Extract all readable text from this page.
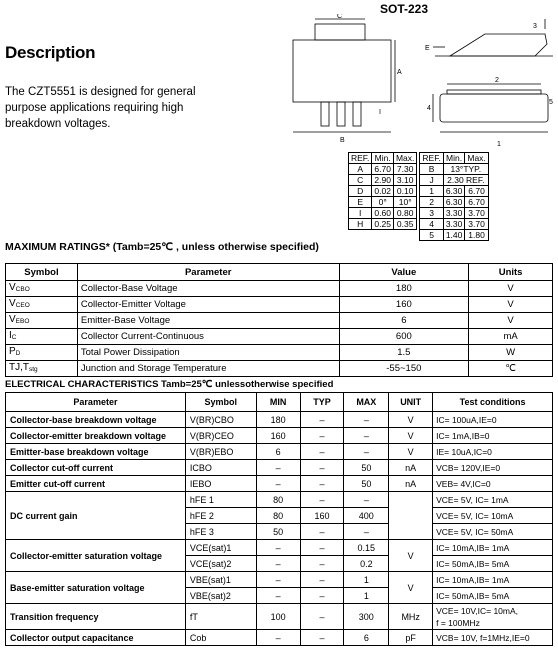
SOT-223
Description
The CZT5551 is designed for general purpose applications requiring high breakdown voltages.
C
A
B
I
3
E
1
2
4
5
REF.	Min.	Max.		REF.	Min.	Max.
A	6.70	7.30		B	13°TYP.	
C	2.90	3.10		J	2.30 REF.	
D	0.02	0.10		1	6.30	6.70
E	0°	10°		2	6.30	6.70
I	0.60	0.80		3	3.30	3.70
H	0.25	0.35		4	3.30	3.70
				5	1.40	1.80
MAXIMUM RATINGS* (Tamb=25℃ , unless otherwise specified)
Symbol	Parameter	Value	Units
VCBO	Collector-Base Voltage	180	V
VCEO	Collector-Emitter Voltage	160	V
VEBO	Emitter-Base Voltage	6	V
IC	Collector Current-Continuous	600	mA
PD	Total Power Dissipation	1.5	W
TJ,Tstg	Junction and Storage Temperature	-55~150	℃
ELECTRICAL CHARACTERISTICS Tamb=25℃ unlessotherwise specified
Parameter	Symbol	MIN	TYP	MAX	UNIT	Test conditions
Collector-base breakdown voltage	V(BR)CBO	180	–	–	V	IC= 100uA,IE=0

Collector-emitter breakdown voltage	V(BR)CEO	160	–	–	V	IC= 1mA,IB=0

Emitter-base breakdown voltage	V(BR)EBO	6	–	–	V	IE= 10uA,IC=0

Collector cut-off current	ICBO	–	–	50	nA	VCB= 120V,IE=0

Emitter cut-off current	IEBO	–	–	50	nA	VEB= 4V,IC=0

DC current gain	hFE 1	80	–	–		VCE= 5V, IC= 1mA

	hFE 2	80	160	400		VCE= 5V, IC= 10mA

	hFE 3	50	–	–		VCE= 5V, IC= 50mA

Collector-emitter saturation voltage	VCE(sat)1	–	–	0.15	V	IC= 10mA,IB= 1mA

	VCE(sat)2	–	–	0.2		IC= 50mA,IB= 5mA

Base-emitter saturation voltage	VBE(sat)1	–	–	1	V	IC= 10mA,IB= 1mA

	VBE(sat)2	–	–	1		IC= 50mA,IB= 5mA

Transition frequency	fT	100	–	300	MHz	VCE= 10V,IC= 10mA,
f = 100MHz

Collector output capacitance	Cob	–	–	6	pF	VCB= 10V, f=1MHz,IE=0
